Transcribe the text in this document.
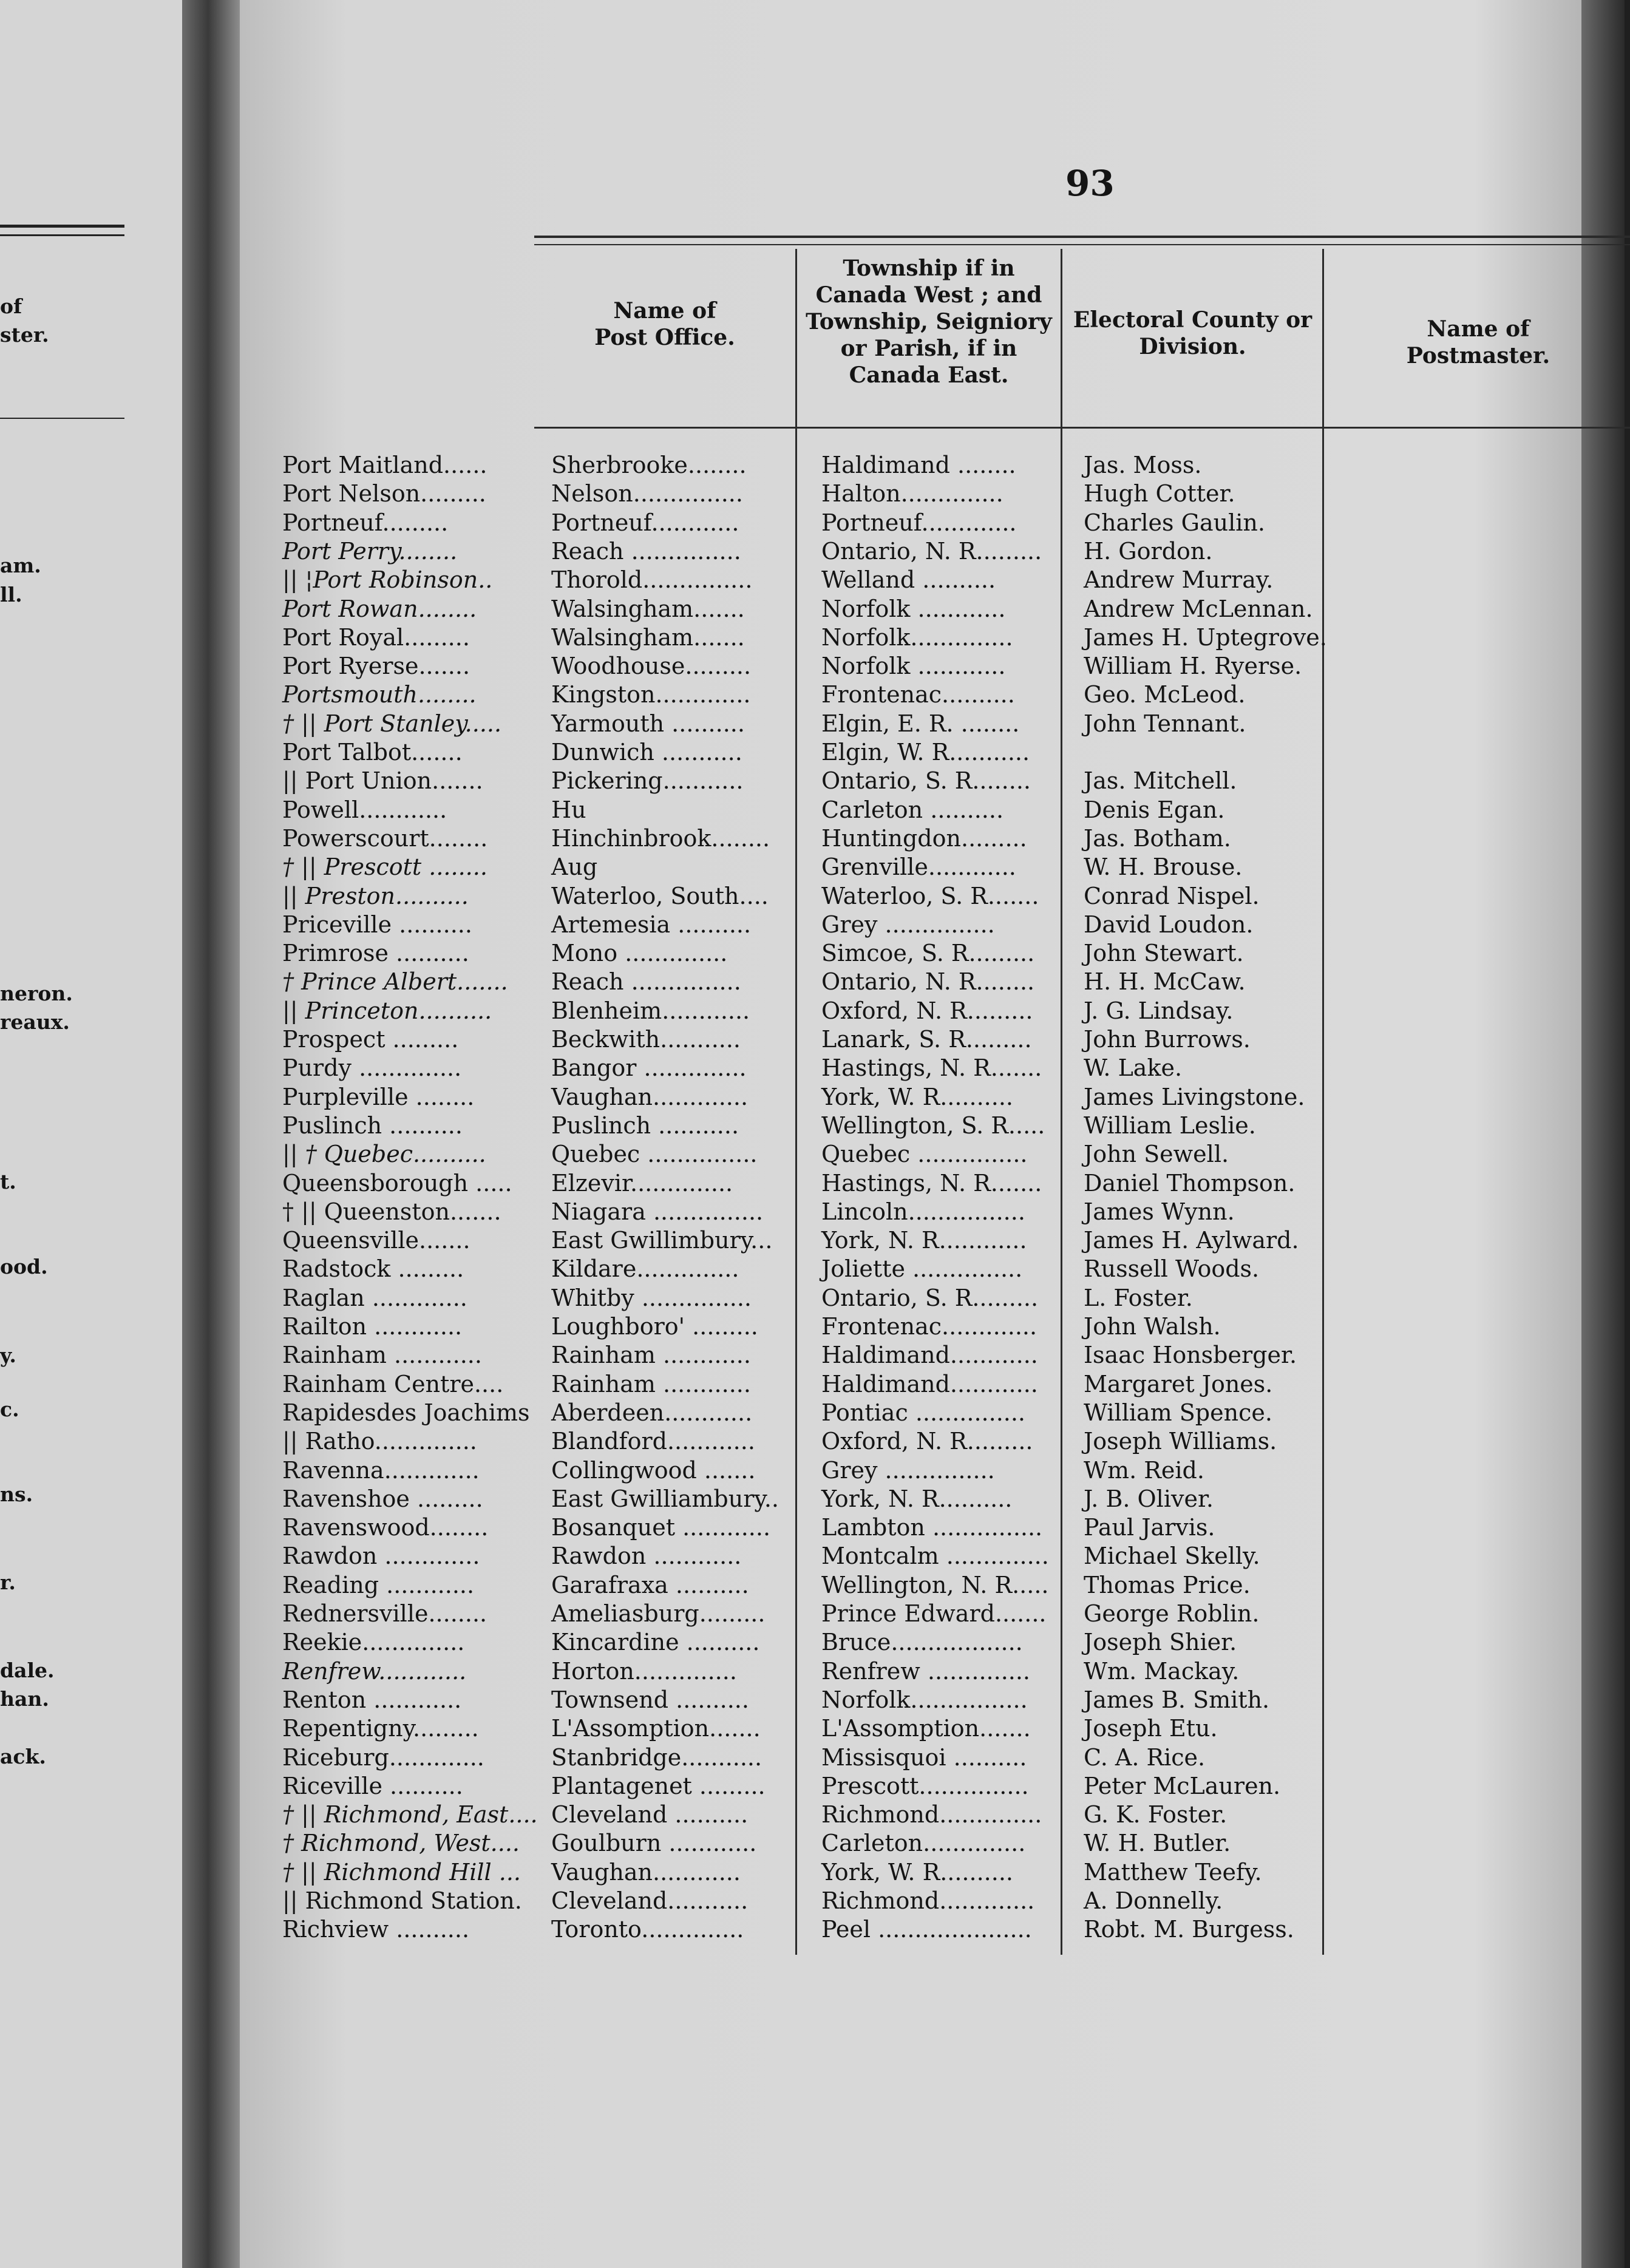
of
ster.
am.
ll.
neron.
reaux.
t.
ood.
y.
c.
ns.
r.
dale.
han.
ack.
93
Name of
Post Office.
Township if in
Canada West ; and
Township, Seigniory
or Parish, if in
Canada East.
Electoral County or
Division.
Name of
Postmaster.
Port Maitland......	Sherbrooke........	Haldimand ........	Jas. Moss.
Port Nelson.........	Nelson...............	Halton..............	Hugh Cotter.
Portneuf.........	Portneuf............	Portneuf.............	Charles Gaulin.
Port Perry........	Reach ...............	Ontario, N. R.........	H. Gordon.
|| ¦Port Robinson..	Thorold...............	Welland ..........	Andrew Murray.
Port Rowan........	Walsingham.......	Norfolk ............	Andrew McLennan.
Port Royal.........	Walsingham.......	Norfolk..............	James H. Uptegrove.
Port Ryerse.......	Woodhouse.........	Norfolk ............	William H. Ryerse.
Portsmouth........	Kingston.............	Frontenac..........	Geo. McLeod.
† || Port Stanley..... Yarmouth ..........	Elgin, E. R. ........	John Tennant.
Port Talbot.......	Dunwich ...........	Elgin, W. R...........
|| Port Union.......	Pickering...........	Ontario, S. R........	Jas. Mitchell.
Powell............	Hu	Carleton ..........	Denis Egan.
Powerscourt........	Hinchinbrook........	Huntingdon.........	Jas. Botham.
† || Prescott ........	Aug	Grenville............	W. H. Brouse.
|| Preston..........	Waterloo, South....	Waterloo, S. R.......	Conrad Nispel.
Priceville ..........	Artemesia ..........	Grey ...............	David Loudon.
Primrose ..........	Mono ..............	Simcoe, S. R.........	John Stewart.
† Prince Albert....... Reach ...............	Ontario, N. R........	H. H. McCaw.
|| Princeton..........	Blenheim............	Oxford, N. R.........	J. G. Lindsay.
Prospect .........	Beckwith...........	Lanark, S. R.........	John Burrows.
Purdy ..............	Bangor ..............	Hastings, N. R.......	W. Lake.
Purpleville ........	Vaughan.............	York, W. R..........	James Livingstone.
Puslinch ..........	Puslinch ...........	Wellington, S. R.....	William Leslie.
|| † Quebec..........	Quebec ...............	Quebec ...............	John Sewell.
Queensborough ..... Elzevir..............	Hastings, N. R.......	Daniel Thompson.
† || Queenston....... Niagara ...............	Lincoln................	James Wynn.
Queensville.......	East Gwillimbury...	York, N. R............	James H. Aylward.
Radstock .........	Kildare..............	Joliette ...............	Russell Woods.
Raglan .............	Whitby ...............	Ontario, S. R.........	L. Foster.
Railton ............	Loughboro' .........	Frontenac.............	John Walsh.
Rainham ............	Rainham ............	Haldimand............	Isaac Honsberger.
Rainham Centre.... Rainham ............	Haldimand............	Margaret Jones.
Rapidesdes Joachims Aberdeen............	Pontiac ...............	William Spence.
|| Ratho..............	Blandford............	Oxford, N. R.........	Joseph Williams.
Ravenna.............	Collingwood .......	Grey ...............	Wm. Reid.
Ravenshoe .........	East Gwilliambury..	York, N. R..........	J. B. Oliver.
Ravenswood........	Bosanquet ............	Lambton ...............	Paul Jarvis.
Rawdon .............	Rawdon ............	Montcalm ..............	Michael Skelly.
Reading ............	Garafraxa ..........	Wellington, N. R.....	Thomas Price.
Rednersville........	Ameliasburg.........	Prince Edward.......	George Roblin.
Reekie..............	Kincardine ..........	Bruce..................	Joseph Shier.
Renfrew............	Horton..............	Renfrew ..............	Wm. Mackay.
Renton ............	Townsend ..........	Norfolk................	James B. Smith.
Repentigny.........	L'Assomption.......	L'Assomption.......	Joseph Etu.
Riceburg.............	Stanbridge...........	Missisquoi ..........	C. A. Rice.
Riceville ..........	Plantagenet .........	Prescott...............	Peter McLauren.
† || Richmond, East.... Cleveland ..........	Richmond..............	G. K. Foster.
† Richmond, West.... Goulburn ............	Carleton..............	W. H. Butler.
† || Richmond Hill ... Vaughan............	York, W. R..........	Matthew Teefy.
|| Richmond Station. Cleveland...........	Richmond.............	A. Donnelly.
Richview ..........	Toronto..............	Peel .....................	Robt. M. Burgess.
